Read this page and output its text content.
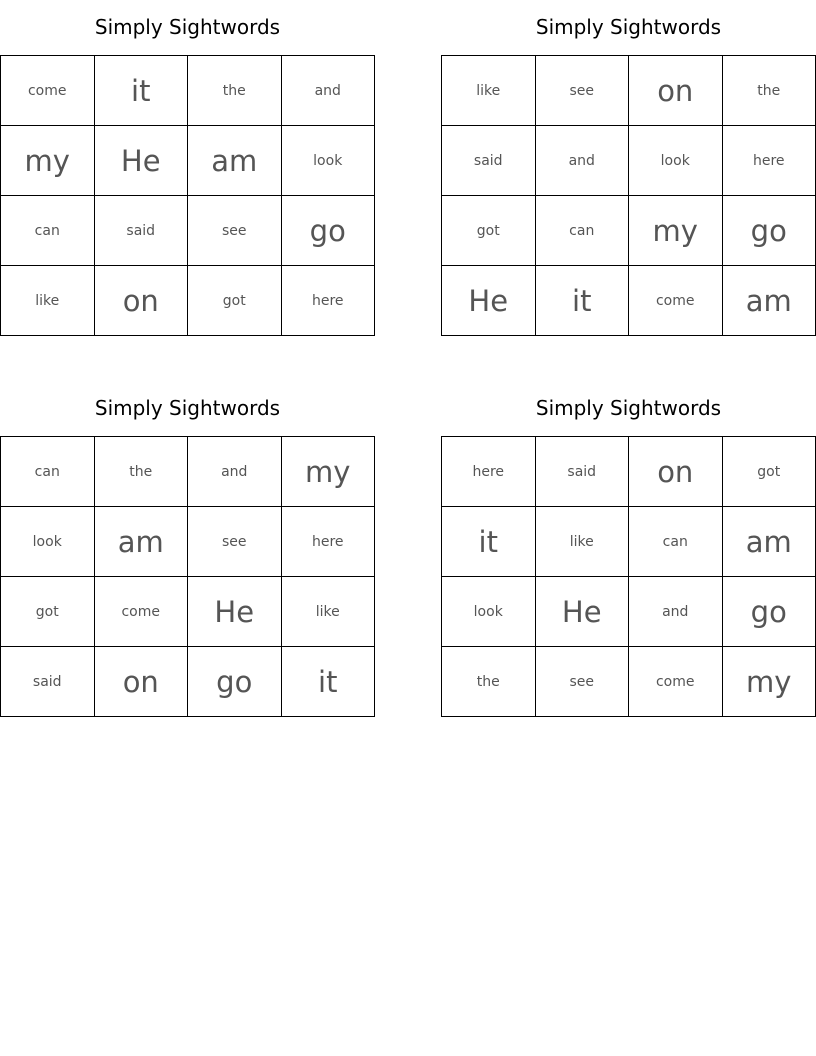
Simply Sightwords
come	it	the	and
my	He	am	look
can	said	see	go
like	on	got	here
Simply Sightwords
like	see	on	the
said	and	look	here
got	can	my	go
He	it	come	am
Simply Sightwords
can	the	and	my
look	am	see	here
got	come	He	like
said	on	go	it
Simply Sightwords
here	said	on	got
it	like	can	am
look	He	and	go
the	see	come	my
